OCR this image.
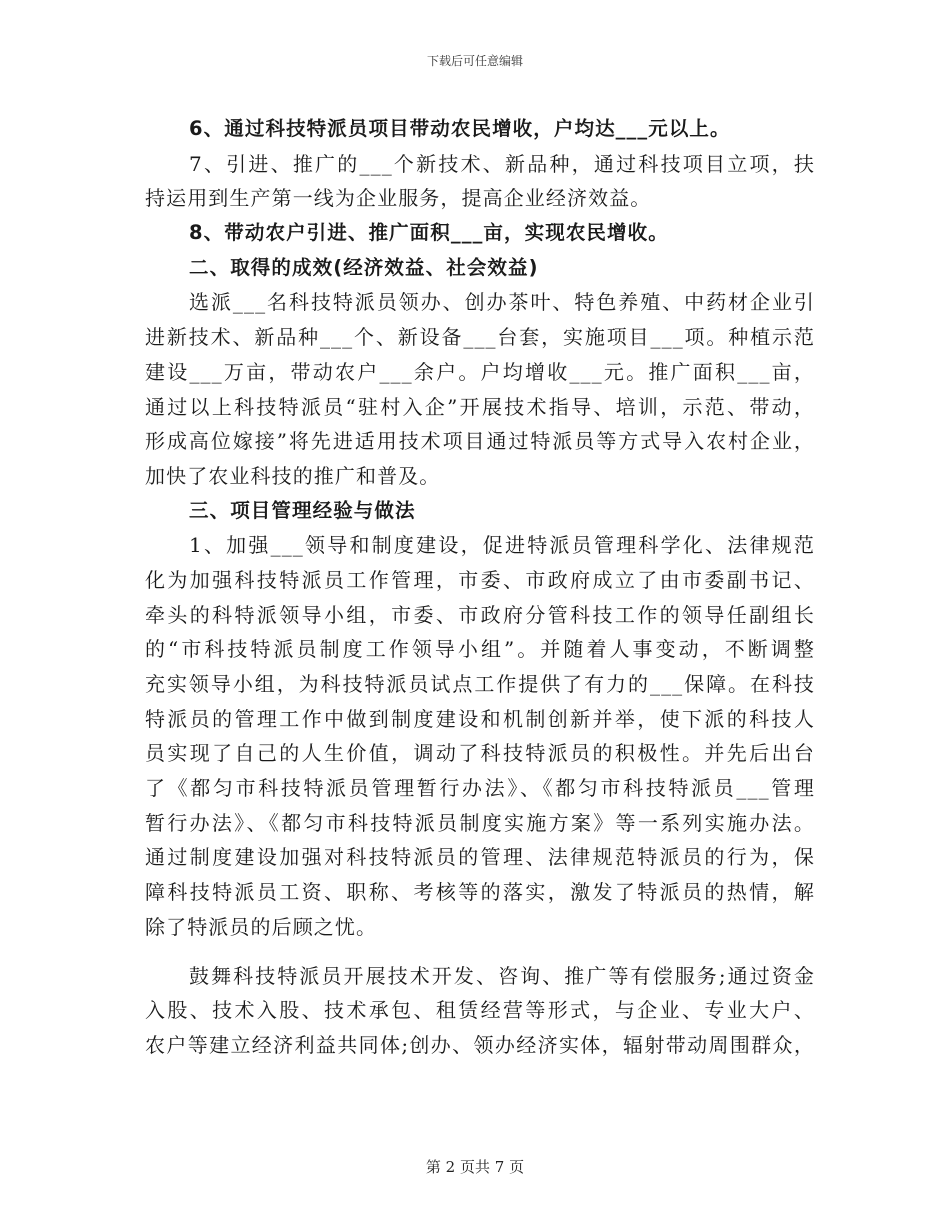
下载后可任意编辑
6、通过科技特派员项目带动农民增收，户均达___元以上。
7、引进、推广的___个新技术、新品种，通过科技项目立项，扶
持运用到生产第一线为企业服务，提高企业经济效益。
8、带动农户引进、推广面积___亩，实现农民增收。
二、取得的成效(经济效益、社会效益)
选派___名科技特派员领办、创办茶叶、特色养殖、中药材企业引
进新技术、新品种___个、新设备___台套，实施项目___项。种植示范
建设___万亩，带动农户___余户。户均增收___元。推广面积___亩，
通过以上科技特派员“驻村入企”开展技术指导、培训，示范、带动，
形成高位嫁接”将先进适用技术项目通过特派员等方式导入农村企业，
加快了农业科技的推广和普及。
三、项目管理经验与做法
1、加强___领导和制度建设，促进特派员管理科学化、法律规范
化为加强科技特派员工作管理，市委、市政府成立了由市委副书记、
牵头的科特派领导小组，市委、市政府分管科技工作的领导任副组长
的“市科技特派员制度工作领导小组”。并随着人事变动，不断调整
充实领导小组，为科技特派员试点工作提供了有力的___保障。在科技
特派员的管理工作中做到制度建设和机制创新并举，使下派的科技人
员实现了自己的人生价值，调动了科技特派员的积极性。并先后出台
了《都匀市科技特派员管理暂行办法》、《都匀市科技特派员___管理
暂行办法》、《都匀市科技特派员制度实施方案》等一系列实施办法。
通过制度建设加强对科技特派员的管理、法律规范特派员的行为，保
障科技特派员工资、职称、考核等的落实，激发了特派员的热情，解
除了特派员的后顾之忧。
鼓舞科技特派员开展技术开发、咨询、推广等有偿服务;通过资金
入股、技术入股、技术承包、租赁经营等形式，与企业、专业大户、
农户等建立经济利益共同体;创办、领办经济实体，辐射带动周围群众，
第 2 页共 7 页
